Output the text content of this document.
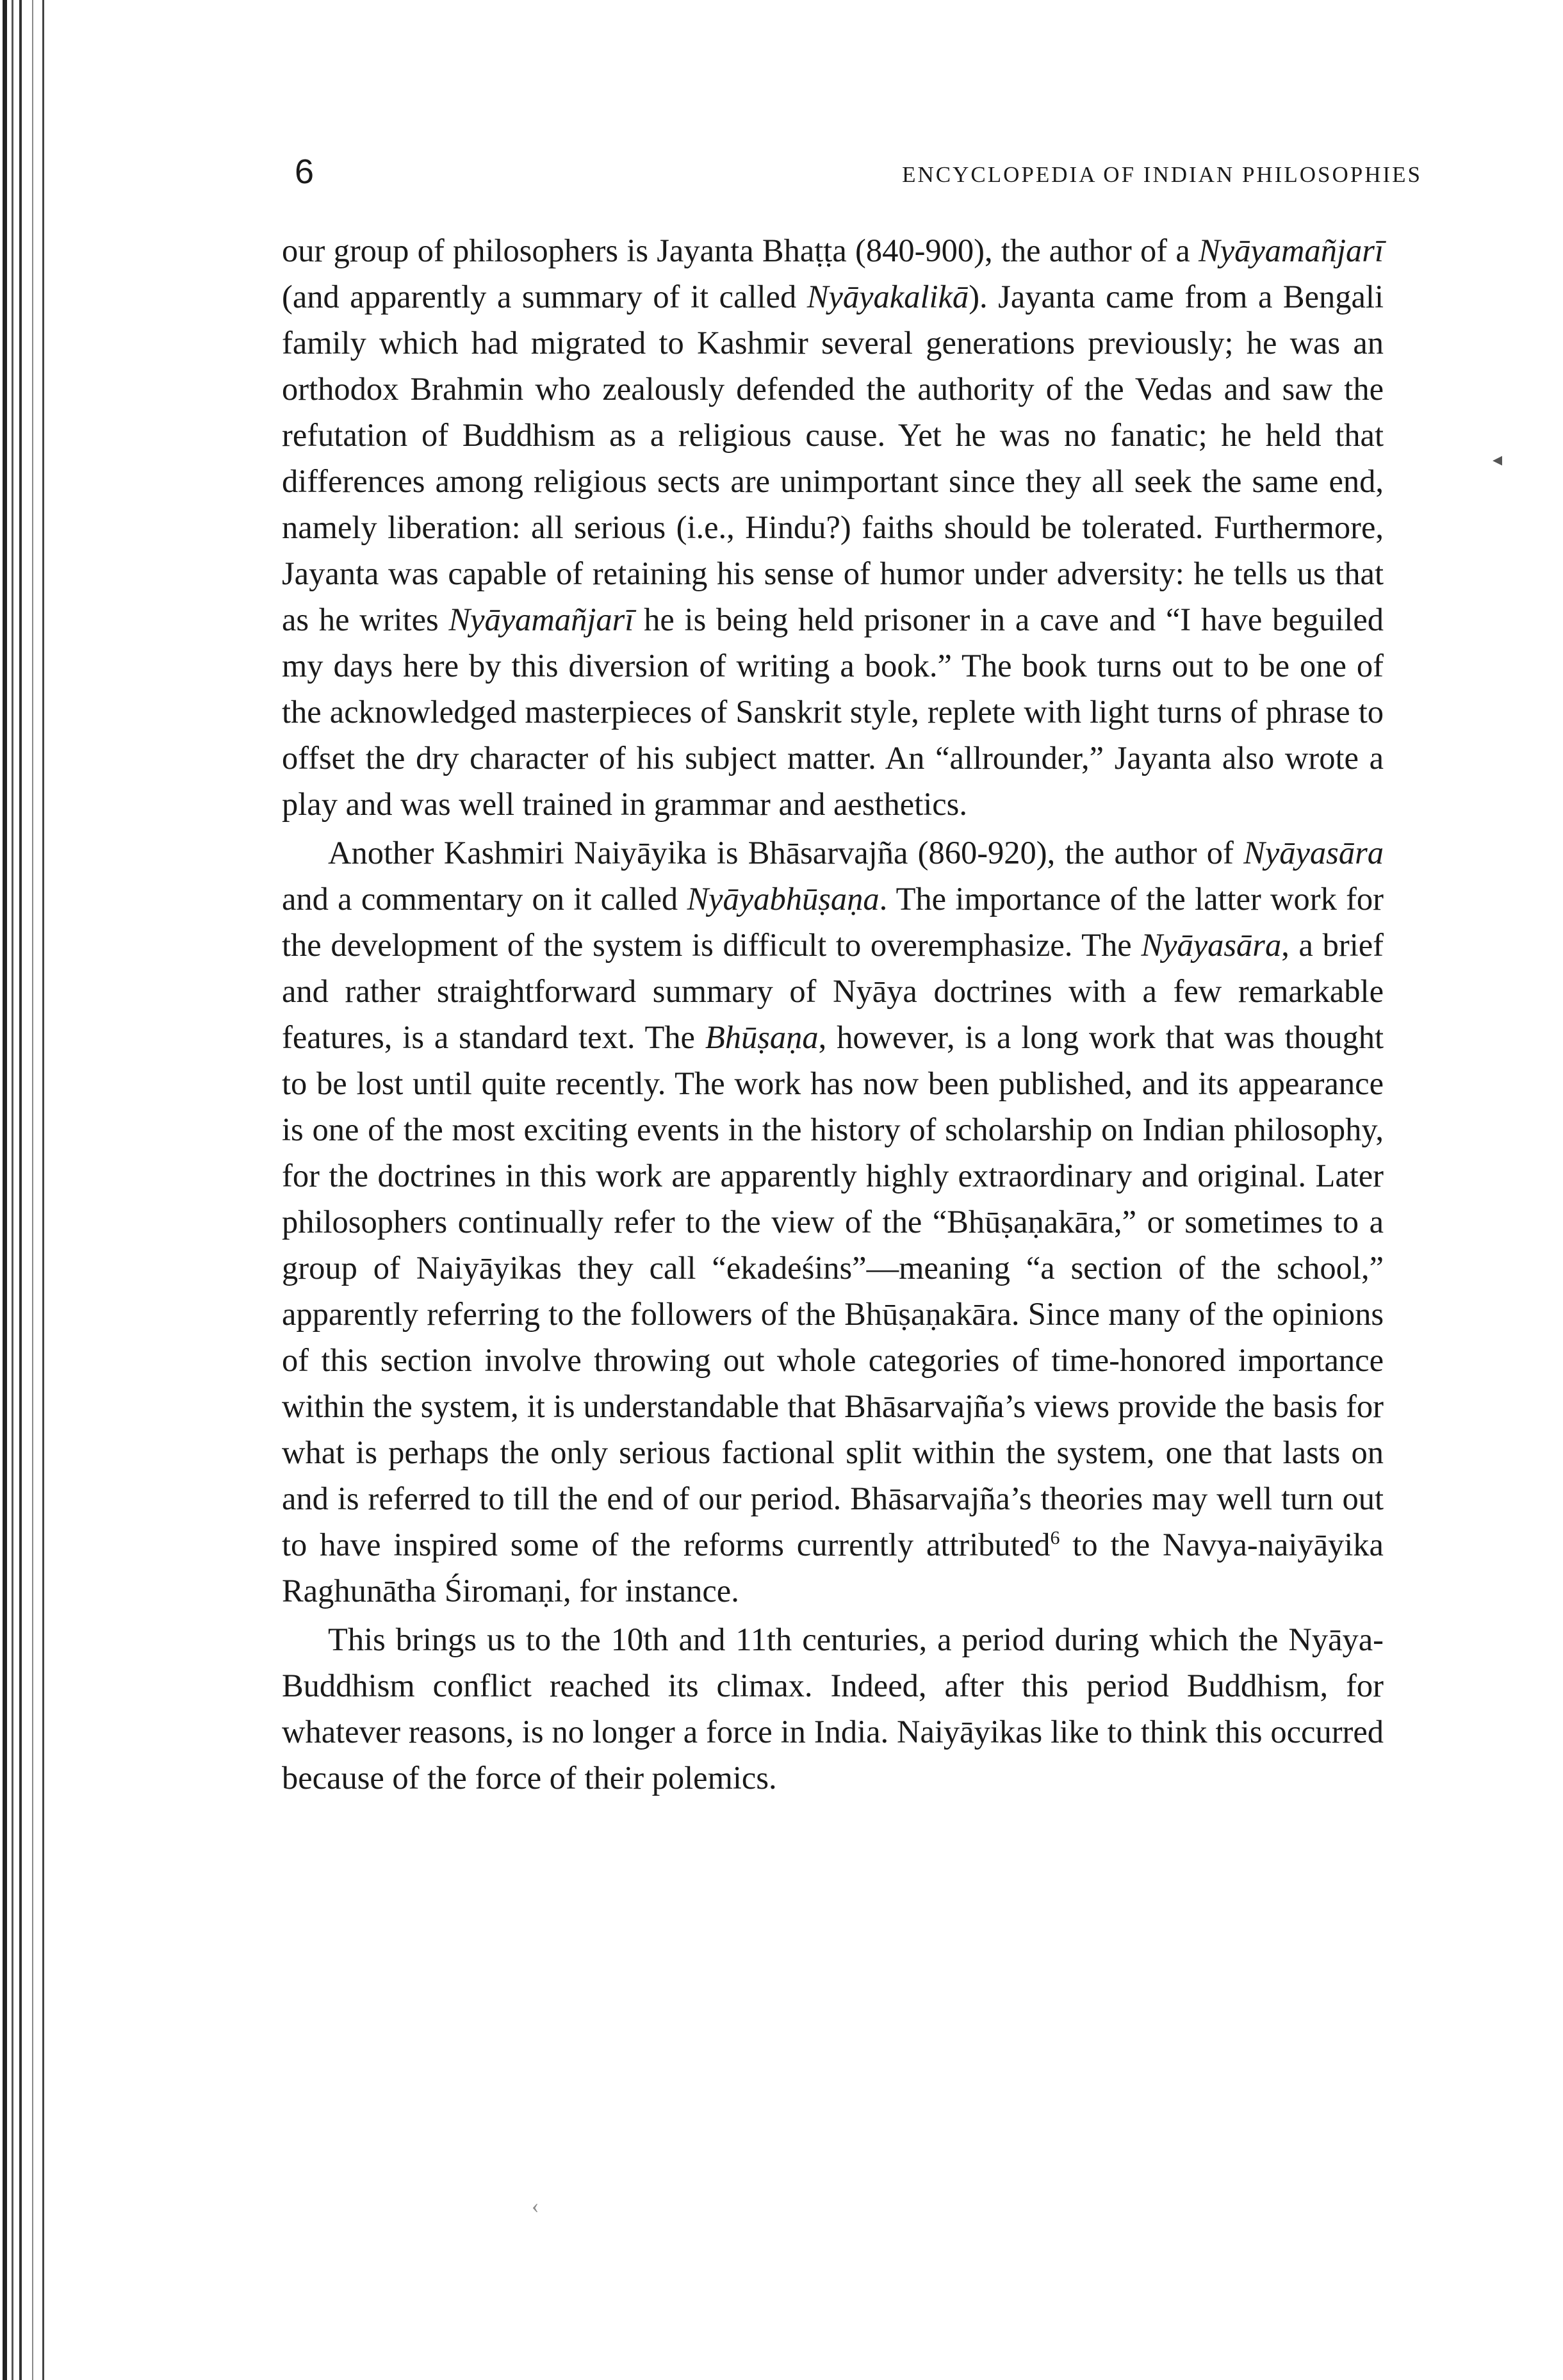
6	ENCYCLOPEDIA OF INDIAN PHILOSOPHIES

our group of philosophers is Jayanta Bhaṭṭa (840-900), the author of a Nyāyamañjarī (and apparently a summary of it called Nyāyakalikā). Jayanta came from a Bengali family which had migrated to Kashmir several generations previously; he was an orthodox Brahmin who zealously defended the authority of the Vedas and saw the refutation of Buddhism as a religious cause. Yet he was no fanatic; he held that differences among religious sects are unimportant since they all seek the same end, namely liberation: all serious (i.e., Hindu?) faiths should be tolerated. Furthermore, Jayanta was capable of retaining his sense of humor under adversity: he tells us that as he writes Nyāyamañjarī he is being held prisoner in a cave and “I have beguiled my days here by this diversion of writing a book.” The book turns out to be one of the acknowledged masterpieces of Sanskrit style, replete with light turns of phrase to offset the dry character of his subject matter. An “allrounder,” Jayanta also wrote a play and was well trained in grammar and aesthetics.

Another Kashmiri Naiyāyika is Bhāsarvajña (860-920), the author of Nyāyasāra and a commentary on it called Nyāyabhūṣaṇa. The importance of the latter work for the development of the system is difficult to overemphasize. The Nyāyasāra, a brief and rather straightforward summary of Nyāya doctrines with a few remarkable features, is a standard text. The Bhūṣaṇa, however, is a long work that was thought to be lost until quite recently. The work has now been published, and its appearance is one of the most exciting events in the history of scholarship on Indian philosophy, for the doctrines in this work are apparently highly extraordinary and original. Later philosophers continually refer to the view of the “Bhūṣaṇakāra,” or sometimes to a group of Naiyāyikas they call “ekadeśins”—meaning “a section of the school,” apparently referring to the followers of the Bhūṣaṇakāra. Since many of the opinions of this section involve throwing out whole categories of time-honored importance within the system, it is understandable that Bhāsarvajña’s views provide the basis for what is perhaps the only serious factional split within the system, one that lasts on and is referred to till the end of our period. Bhāsarvajña’s theories may well turn out to have inspired some of the reforms currently attributed$^6$ to the Navya-naiyāyika Raghunātha Śiromaṇi, for instance.

This brings us to the 10th and 11th centuries, a period during which the Nyāya-Buddhism conflict reached its climax. Indeed, after this period Buddhism, for whatever reasons, is no longer a force in India. Naiyāyikas like to think this occurred because of the force of their polemics.

◂
‹
